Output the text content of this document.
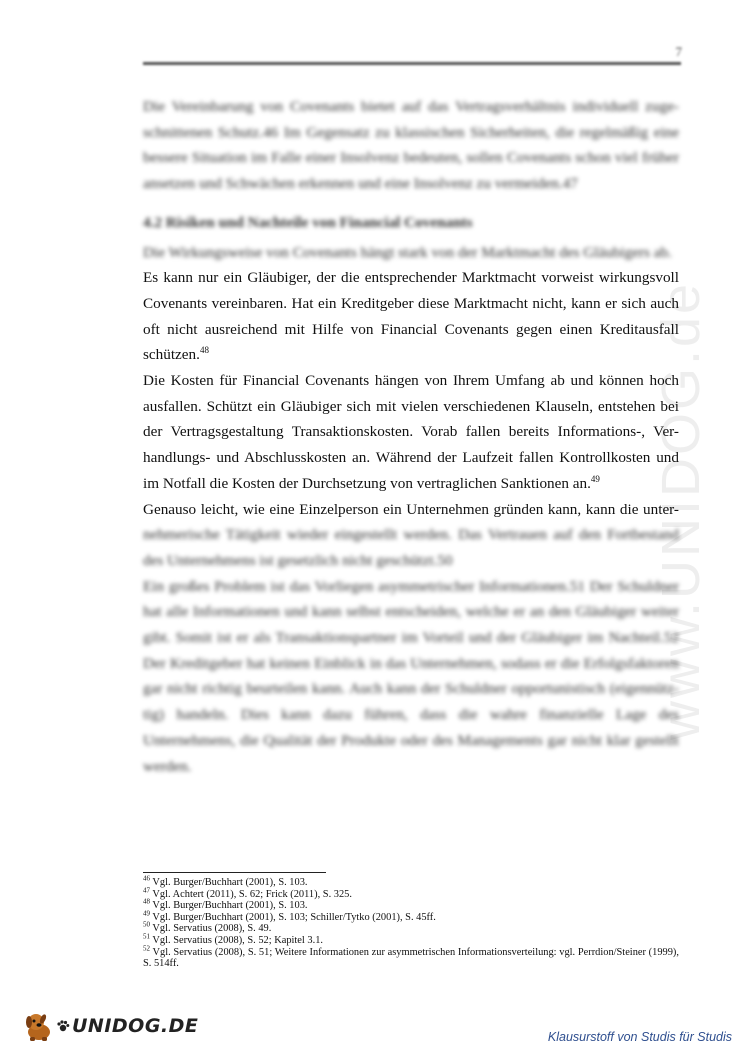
7
www.UNIDOG.de

Die Vereinbarung von Covenants bietet auf das Vertragsverhältnis individuell zuge-schnittenen Schutz.46 Im Gegensatz zu klassischen Sicherheiten, die regelmäßig eine bessere Situation im Falle einer Insolvenz bedeuten, sollen Covenants schon viel früher ansetzen und Schwächen erkennen und eine Insolvenz zu vermeiden.47

4.2 Risiken und Nachteile von Financial Covenants

Die Wirkungsweise von Covenants hängt stark von der Marktmacht des Gläubigers ab.

Es kann nur ein Gläubiger, der die entsprechender Marktmacht vorweist wirkungsvoll Covenants vereinbaren. Hat ein Kreditgeber diese Marktmacht nicht, kann er sich auch oft nicht ausreichend mit Hilfe von Financial Covenants gegen einen Kreditausfall schützen.$^{48}$

Die Kosten für Financial Covenants hängen von Ihrem Umfang ab und können hoch ausfallen. Schützt ein Gläubiger sich mit vielen verschiedenen Klauseln, entstehen bei der Vertragsgestaltung Transaktionskosten. Vorab fallen bereits Informations-, Ver-handlungs- und Abschlusskosten an. Während der Laufzeit fallen Kontrollkosten und im Notfall die Kosten der Durchsetzung von vertraglichen Sanktionen an.$^{49}$

Genauso leicht, wie eine Einzelperson ein Unternehmen gründen kann, kann die unter-

nehmerische Tätigkeit wieder eingestellt werden. Das Vertrauen auf den Fortbestand des Unternehmens ist gesetzlich nicht geschützt.50

Ein großes Problem ist das Vorliegen asymmetrischer Informationen.51 Der Schuldner hat alle Informationen und kann selbst entscheiden, welche er an den Gläubiger weiter gibt. Somit ist er als Transaktionspartner im Vorteil und der Gläubiger im Nachteil.52 Der Kreditgeber hat keinen Einblick in das Unternehmen, sodass er die Erfolgsfaktoren gar nicht richtig beurteilen kann. Auch kann der Schuldner opportunistisch (eigennütz-tig) handeln. Dies kann dazu führen, dass die wahre finanzielle Lage des Unternehmens, die Qualität der Produkte oder des Managements gar nicht klar gestellt werden.

$^{46}$ Vgl. Burger/Buchhart (2001), S. 103.

$^{47}$ Vgl. Achtert (2011), S. 62; Frick (2011), S. 325.

$^{48}$ Vgl. Burger/Buchhart (2001), S. 103.

$^{49}$ Vgl. Burger/Buchhart (2001), S. 103; Schiller/Tytko (2001), S. 45ff.

$^{50}$ Vgl. Servatius (2008), S. 49.

$^{51}$ Vgl. Servatius (2008), S. 52; Kapitel 3.1.

$^{52}$ Vgl. Servatius (2008), S. 51; Weitere Informationen zur asymmetrischen Informationsverteilung: vgl. Perrdion/Steiner (1999), S. 514ff.

UNIDOG.DE	Klausurstoff von Studis für Studis
